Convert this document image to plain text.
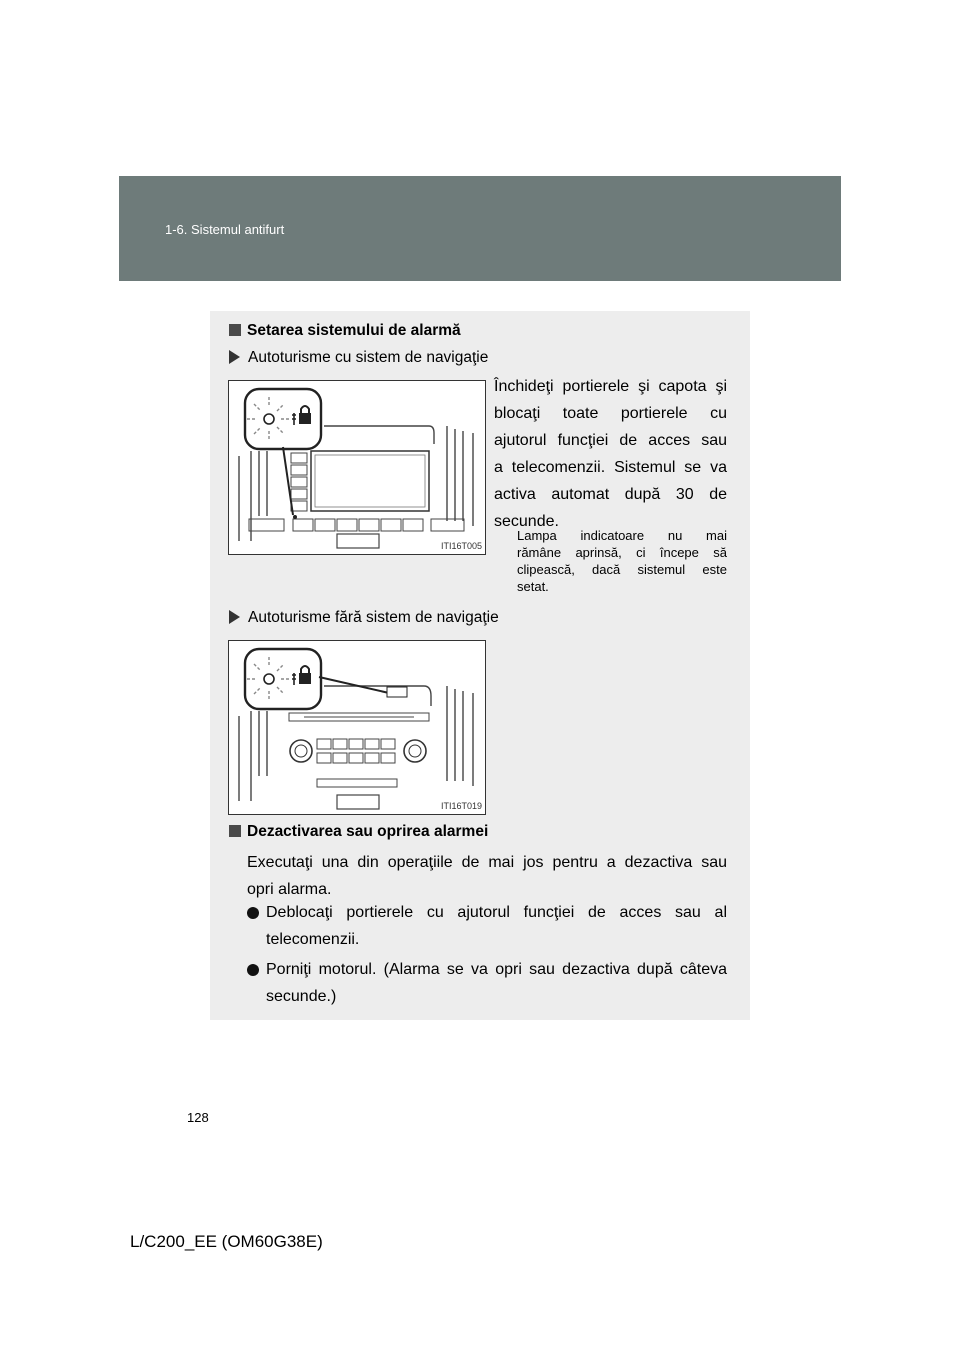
1-6. Sistemul antifurt
Setarea sistemului de alarmă
Autoturisme cu sistem de navigaţie
ITI16T005
Închideţi portierele şi capota şi
blocaţi toate portierele cu
ajutorul funcţiei de acces sau
a telecomenzii. Sistemul se va
activa automat după 30 de
secunde.
Lampa indicatoare nu mai
rămâne aprinsă, ci începe să
clipească, dacă sistemul este
setat.
Autoturisme fără sistem de navigaţie
ITI16T019
Dezactivarea sau oprirea alarmei
Executaţi una din operaţiile de mai jos pentru a dezactiva sau
opri alarma.
Deblocaţi portierele cu ajutorul funcţiei de acces sau al
telecomenzii.
Porniţi motorul. (Alarma se va opri sau dezactiva după câteva
secunde.)
128
L/C200_EE (OM60G38E)
